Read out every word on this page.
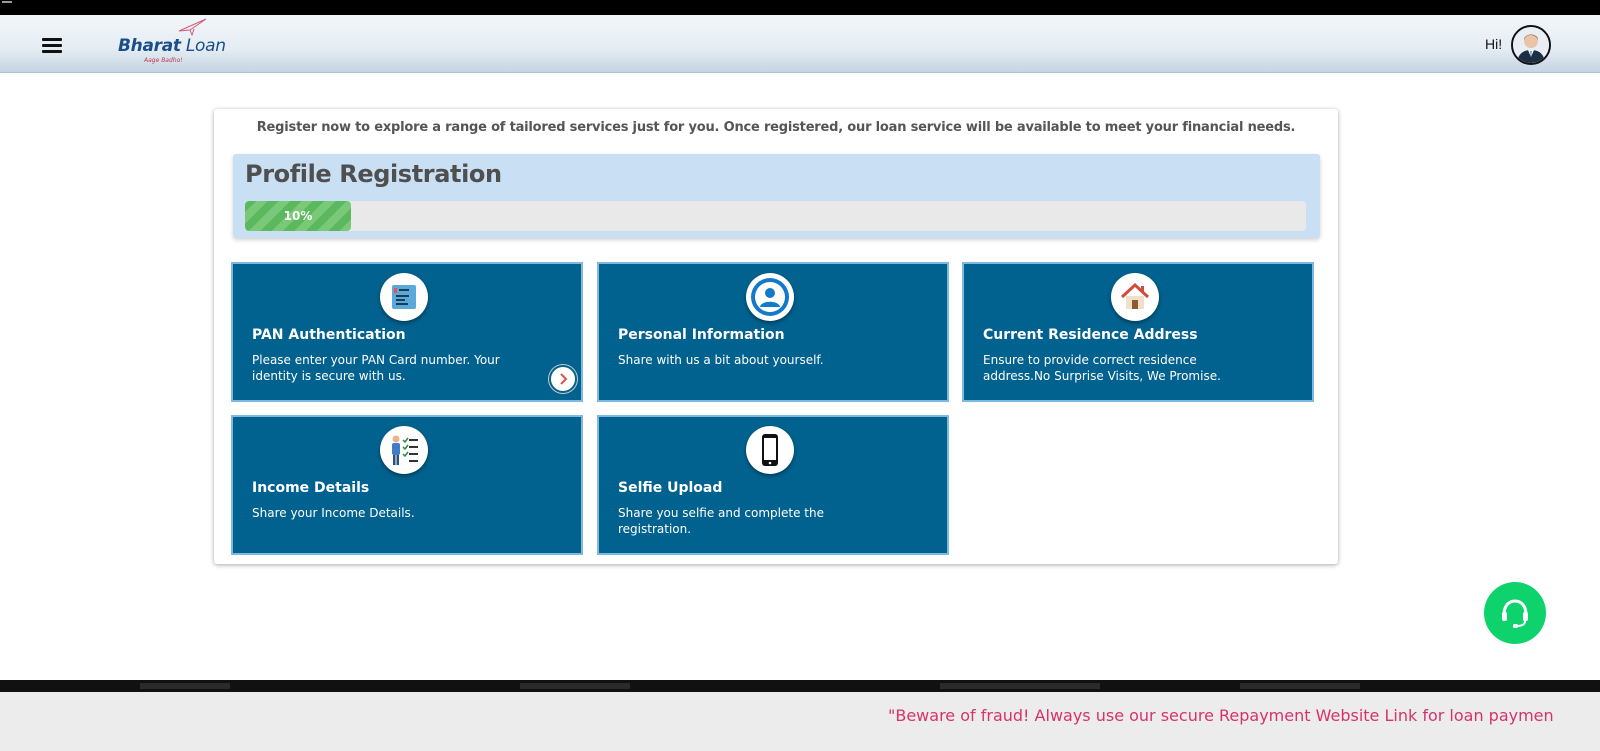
Bharat Loan
Aage Badho!
Hi!
Register now to explore a range of tailored services just for you. Once registered, our loan service will be available to meet your financial needs.
Profile Registration
10%
PAN Authentication
Please enter your PAN Card number. Your identity is secure with us.
Personal Information
Share with us a bit about yourself.
Current Residence Address
Ensure to provide correct residence address.No Surprise Visits, We Promise.
Income Details
Share your Income Details.
Selfie Upload
Share you selfie and complete the registration.
"Beware of fraud! Always use our secure Repayment Website Link for loan paymen
